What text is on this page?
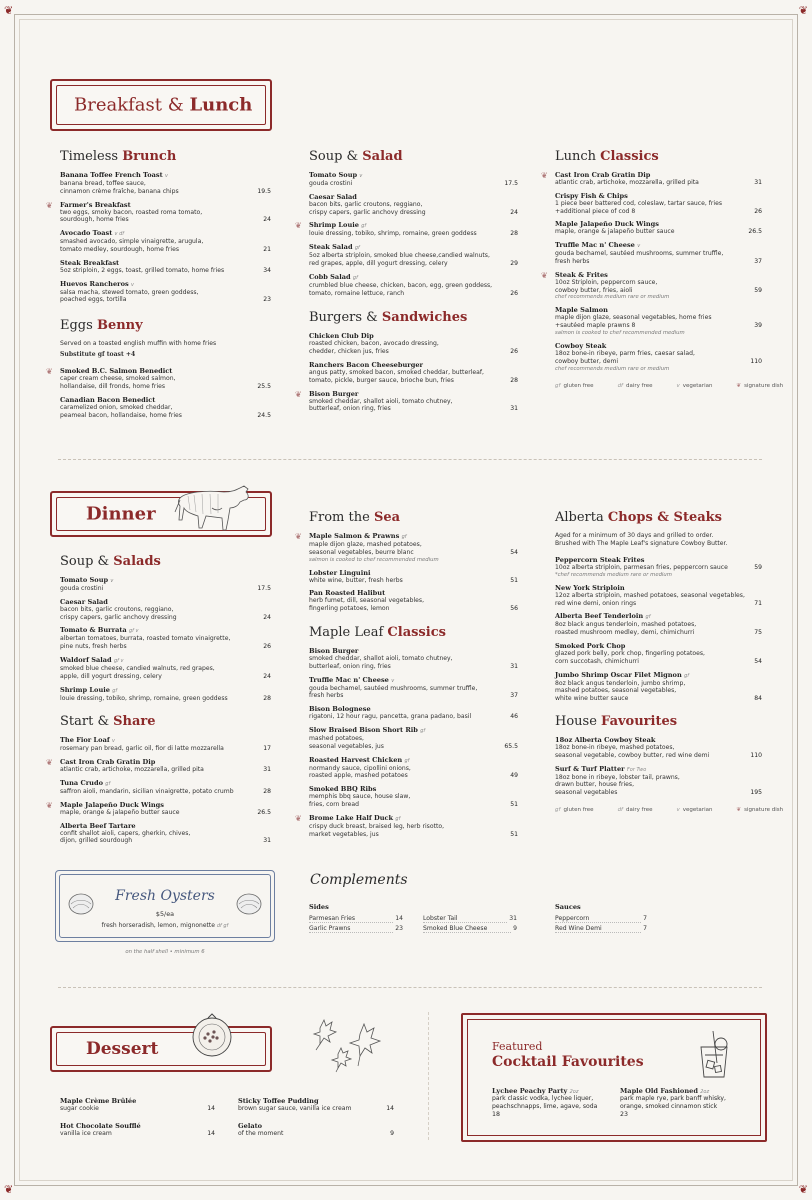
❦	❦
❦	❦
Breakfast & Lunch
Timeless Brunch
Banana Toffee French Toast v
banana bread, toffee sauce,
cinnamon crème fraîche, banana chips	19.5
❦ Farmer's Breakfast
two eggs, smoky bacon, roasted roma tomato,
sourdough, home fries	24
Avocado Toast v df
smashed avocado, simple vinaigrette, arugula,
tomato medley, sourdough, home fries	21
Steak Breakfast
5oz striploin, 2 eggs, toast, grilled tomato, home fries	34
Huevos Rancheros v
salsa macha, stewed tomato, green goddess,
poached eggs, tortilla	23
Eggs Benny
Served on a toasted english muffin with home fries
Substitute gf toast +4
❦ Smoked B.C. Salmon Benedict
caper cream cheese, smoked salmon,
hollandaise, dill fronds, home fries	25.5
Canadian Bacon Benedict
caramelized onion, smoked cheddar,
peameal bacon, hollandaise, home fries	24.5
Soup & Salad
Tomato Soup v
gouda crostini	17.5
Caesar Salad
bacon bits, garlic croutons, reggiano,
crispy capers, garlic anchovy dressing	24
❦ Shrimp Louie gf
louie dressing, tobiko, shrimp, romaine, green goddess	28
Steak Salad gf
5oz alberta striploin, smoked blue cheese,candied walnuts,
red grapes, apple, dill yogurt dressing, celery	29
Cobb Salad gf
crumbled blue cheese, chicken, bacon, egg, green goddess,
tomato, romaine lettuce, ranch	26
Burgers & Sandwiches
Chicken Club Dip
roasted chicken, bacon, avocado dressing,
chedder, chicken jus, fries	26
Ranchers Bacon Cheeseburger
angus patty, smoked bacon, smoked cheddar, butterleaf,
tomato, pickle, burger sauce, brioche bun, fries	28
❦ Bison Burger
smoked cheddar, shallot aioli, tomato chutney,
butterleaf, onion ring, fries	31
Lunch Classics
❦ Cast Iron Crab Gratin Dip
atlantic crab, artichoke, mozzarella, grilled pita	31
Crispy Fish & Chips
1 piece beer battered cod, coleslaw, tartar sauce, fries
+additional piece of cod 8	26
Maple Jalapeño Duck Wings
maple, orange & jalapeño butter sauce	26.5
Truffle Mac n' Cheese v
gouda bechamel, sautéed mushrooms, summer truffle,
fresh herbs	37
❦ Steak & Frites
10oz Striploin, peppercorn sauce,
cowboy butter, fries, aioli
chef recommends medium rare or medium
59
Maple Salmon
maple dijon glaze, seasonal vegetables, home fries
+sautéed maple prawns 8
salmon is cooked to chef recommended medium
39
Cowboy Steak
18oz bone-in ribeye, parm fries, caesar salad,
cowboy butter, demi
chef recommends medium rare or medium
110
gf gluten free	df dairy free	v vegetarian	❦ signature dish
Dinner
Soup & Salads
Tomato Soup v
gouda crostini	17.5
Caesar Salad
bacon bits, garlic croutons, reggiano,
crispy capers, garlic anchovy dressing	24
Tomato & Burrata gf v
albertan tomatoes, burrata, roasted tomato vinaigrette,
pine nuts, fresh herbs	26
Waldorf Salad gf v
smoked blue cheese, candied walnuts, red grapes,
apple, dill yogurt dressing, celery	24
Shrimp Louie gf
louie dressing, tobiko, shrimp, romaine, green goddess	28
Start & Share
The Fior Loaf v
rosemary pan bread, garlic oil, fior di latte mozzarella	17
❦ Cast Iron Crab Gratin Dip
atlantic crab, artichoke, mozzarella, grilled pita	31
Tuna Crudo gf
saffron aioli, mandarin, sicilian vinaigrette, potato crumb	28
❦ Maple Jalapeño Duck Wings
maple, orange & jalapeño butter sauce	26.5
Alberta Beef Tartare
confit shallot aioli, capers, gherkin, chives,
dijon, grilled sourdough	31
From the Sea
❦ Maple Salmon & Prawns gf
maple dijon glaze, mashed potatoes,
seasonal vegetables, beurre blanc
salmon is cooked to chef recommended medium
54
Lobster Linguini
white wine, butter, fresh herbs	51
Pan Roasted Halibut
herb fumet, dill, seasonal vegetables,
fingerling potatoes, lemon	56
Maple Leaf Classics
Bison Burger
smoked cheddar, shallot aioli, tomato chutney,
butterleaf, onion ring, fries	31
Truffle Mac n' Cheese v
gouda bechamel, sautéed mushrooms, summer truffle,
fresh herbs	37
Bison Bolognese
rigatoni, 12 hour ragu, pancetta, grana padano, basil	46
Slow Braised Bison Short Rib gf
mashed potatoes,
seasonal vegetables, jus	65.5
Roasted Harvest Chicken gf
normandy sauce, cipollini onions,
roasted apple, mashed potatoes	49
Smoked BBQ Ribs
memphis bbq sauce, house slaw,
fries, corn bread	51
❦ Brome Lake Half Duck gf
crispy duck breast, braised leg, herb risotto,
market vegetables, jus	51
Alberta Chops & Steaks
Aged for a minimum of 30 days and grilled to order.
Brushed with The Maple Leaf's signature Cowboy Butter.
Peppercorn Steak Frites
10oz alberta striploin, parmesan fries, peppercorn sauce
*chef recommends medium rare or medium
59
New York Striploin
12oz alberta striploin, mashed potatoes, seasonal vegetables,
red wine demi, onion rings	71
Alberta Beef Tenderloin gf
8oz black angus tenderloin, mashed potatoes,
roasted mushroom medley, demi, chimichurri	75
Smoked Pork Chop
glazed pork belly, pork chop, fingerling potatoes,
corn succotash, chimichurri	54
Jumbo Shrimp Oscar Filet Mignon gf
8oz black angus tenderloin, jumbo shrimp,
mashed potatoes, seasonal vegetables,
white wine butter sauce	84
House Favourites
18oz Alberta Cowboy Steak
18oz bone-in ribeye, mashed potatoes,
seasonal vegetable, cowboy butter, red wine demi	110
Surf & Turf Platter For Two
18oz bone in ribeye, lobster tail, prawns,
drawn butter, house fries,
seasonal vegetables	195
gf gluten free	df dairy free	v vegetarian	❦ signature dish
Fresh Oysters
$5/ea
fresh horseradish, lemon, mignonette df gf
on the half shell • minimum 6
Complements
Sides
Parmesan Fries	14
Garlic Prawns	23
Lobster Tail	31
Smoked Blue Cheese	9
Sauces
Peppercorn	7
Red Wine Demi	7
Dessert
Maple Crème Brûlée
sugar cookie	14
Hot Chocolate Soufflé
vanilla ice cream	14
Sticky Toffee Pudding
brown sugar sauce, vanilla ice cream	14
Gelato
of the moment	9
Featured
Cocktail Favourites
Lychee Peachy Party 2oz
park classic vodka, lychee liquer,
peachschnapps, lime, agave, soda
18
Maple Old Fashioned 2oz
park maple rye, park banff whisky,
orange, smoked cinnamon stick
23
